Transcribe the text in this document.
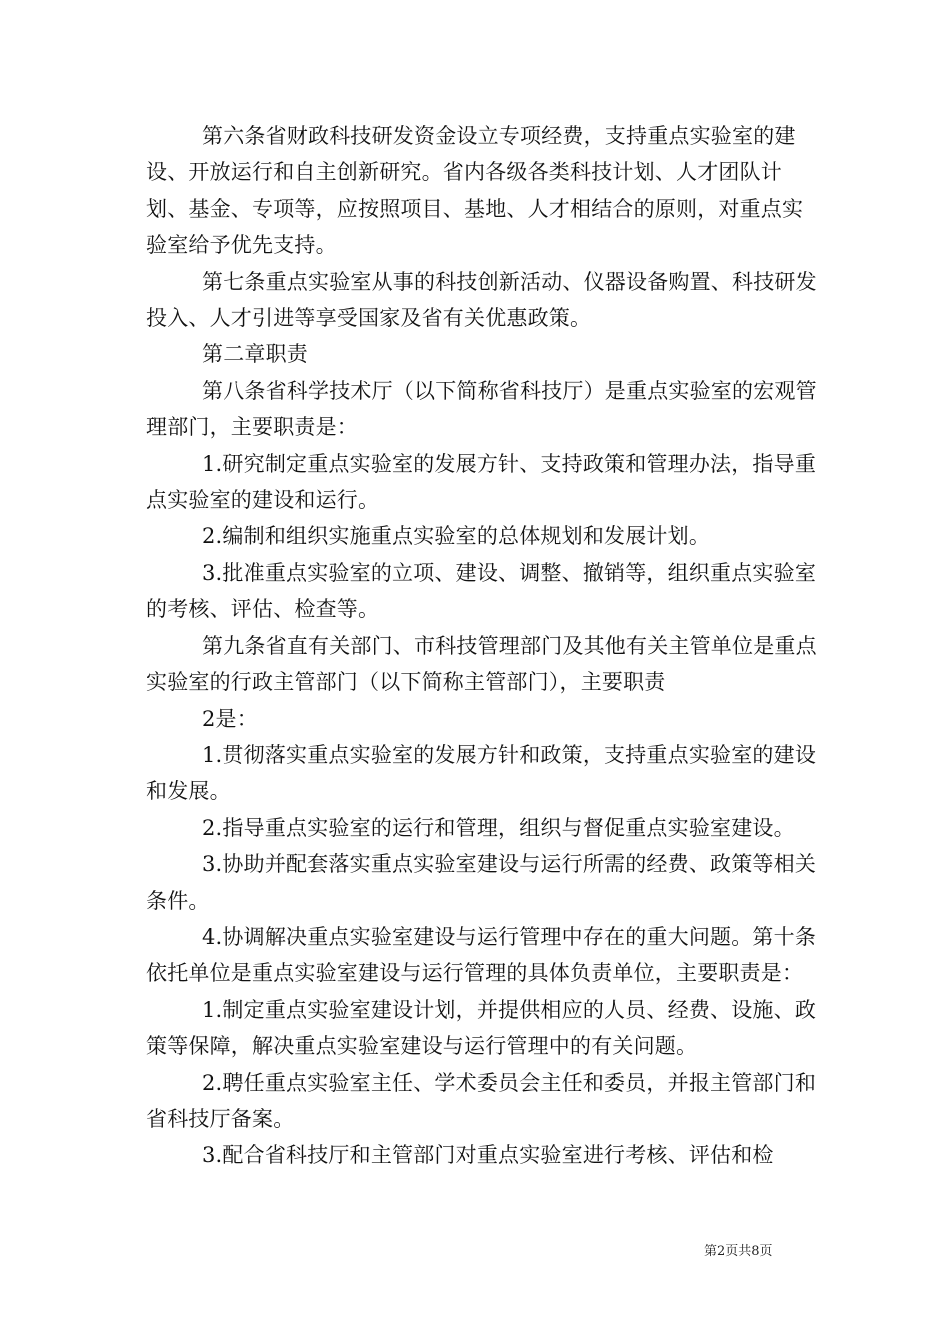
第六条省财政科技研发资金设立专项经费，支持重点实验室的建设、开放运行和自主创新研究。省内各级各类科技计划、人才团队计划、基金、专项等，应按照项目、基地、人才相结合的原则，对重点实验室给予优先支持。

第七条重点实验室从事的科技创新活动、仪器设备购置、科技研发投入、人才引进等享受国家及省有关优惠政策。

第二章职责

第八条省科学技术厅（以下简称省科技厅）是重点实验室的宏观管理部门，主要职责是：

1.研究制定重点实验室的发展方针、支持政策和管理办法，指导重点实验室的建设和运行。

2.编制和组织实施重点实验室的总体规划和发展计划。

3.批准重点实验室的立项、建设、调整、撤销等，组织重点实验室的考核、评估、检查等。

第九条省直有关部门、市科技管理部门及其他有关主管单位是重点实验室的行政主管部门（以下简称主管部门），主要职责

2是：

1.贯彻落实重点实验室的发展方针和政策，支持重点实验室的建设和发展。

2.指导重点实验室的运行和管理，组织与督促重点实验室建设。

3.协助并配套落实重点实验室建设与运行所需的经费、政策等相关条件。

4.协调解决重点实验室建设与运行管理中存在的重大问题。第十条依托单位是重点实验室建设与运行管理的具体负责单位，主要职责是：

1.制定重点实验室建设计划，并提供相应的人员、经费、设施、政策等保障，解决重点实验室建设与运行管理中的有关问题。

2.聘任重点实验室主任、学术委员会主任和委员，并报主管部门和省科技厅备案。

3.配合省科技厅和主管部门对重点实验室进行考核、评估和检

第2页共8页
